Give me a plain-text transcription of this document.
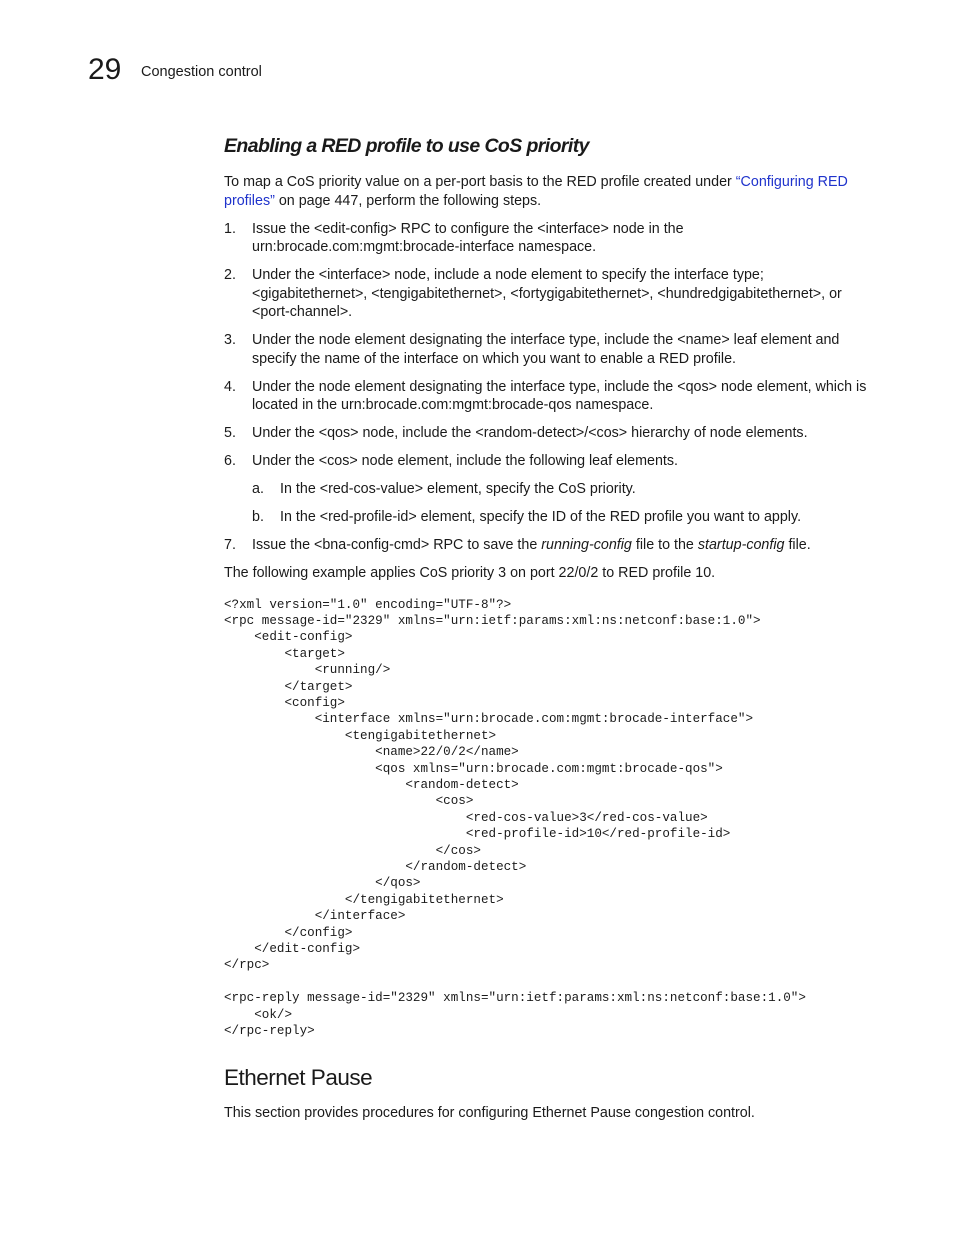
29 Congestion control
Enabling a RED profile to use CoS priority

To map a CoS priority value on a per-port basis to the RED profile created under “Configuring RED profiles” on page 447, perform the following steps.

1. Issue the <edit-config> RPC to configure the <interface> node in the urn:brocade.com:mgmt:brocade-interface namespace.
2. Under the <interface> node, include a node element to specify the interface type; <gigabitethernet>, <tengigabitethernet>, <fortygigabitethernet>, <hundredgigabitethernet>, or <port-channel>.
3. Under the node element designating the interface type, include the <name> leaf element and specify the name of the interface on which you want to enable a RED profile.
4. Under the node element designating the interface type, include the <qos> node element, which is located in the urn:brocade.com:mgmt:brocade-qos namespace.
5. Under the <qos> node, include the <random-detect>/<cos> hierarchy of node elements.
6. Under the <cos> node element, include the following leaf elements.
a. In the <red-cos-value> element, specify the CoS priority.
b. In the <red-profile-id> element, specify the ID of the RED profile you want to apply.
7. Issue the <bna-config-cmd> RPC to save the running-config file to the startup-config file.

The following example applies CoS priority 3 on port 22/0/2 to RED profile 10.

<?xml version="1.0" encoding="UTF-8"?>
<rpc message-id="2329" xmlns="urn:ietf:params:xml:ns:netconf:base:1.0">
<edit-config>
<target>
<running/>
</target>
<config>
<interface xmlns="urn:brocade.com:mgmt:brocade-interface">
<tengigabitethernet>
<name>22/0/2</name>
<qos xmlns="urn:brocade.com:mgmt:brocade-qos">
<random-detect>
<cos>
<red-cos-value>3</red-cos-value>
<red-profile-id>10</red-profile-id>
</cos>
</random-detect>
</qos>
</tengigabitethernet>
</interface>
</config>
</edit-config>
</rpc>

<rpc-reply message-id="2329" xmlns="urn:ietf:params:xml:ns:netconf:base:1.0">
<ok/>
</rpc-reply>
Ethernet Pause

This section provides procedures for configuring Ethernet Pause congestion control.
